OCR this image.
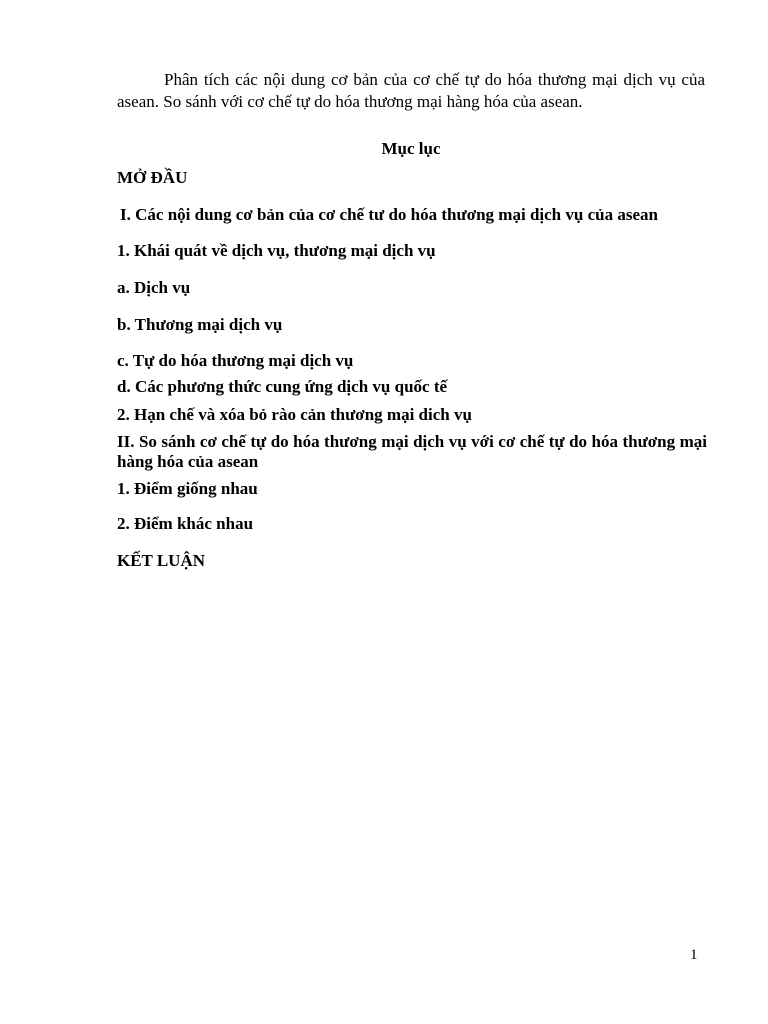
Phân tích các nội dung cơ bản của cơ chế tự do hóa thương mại dịch vụ của asean. So sánh với cơ chế tự do hóa thương mại hàng hóa của asean.

Mục lục

MỞ ĐẦU

I. Các nội dung cơ bản của cơ chế tư do hóa thương mại dịch vụ của asean

1. Khái quát về dịch vụ, thương mại dịch vụ

a. Dịch vụ

b. Thương mại dịch vụ

c. Tự do hóa thương mại dịch vụ

d. Các phương thức cung ứng dịch vụ quốc tế

2. Hạn chế và xóa bỏ rào cản thương mại dich vụ

II. So sánh cơ chế tự do hóa thương mại dịch vụ với cơ chế tự do hóa thương mại hàng hóa của asean

1. Điểm giống nhau

2. Điểm khác nhau

KẾT LUẬN

1
